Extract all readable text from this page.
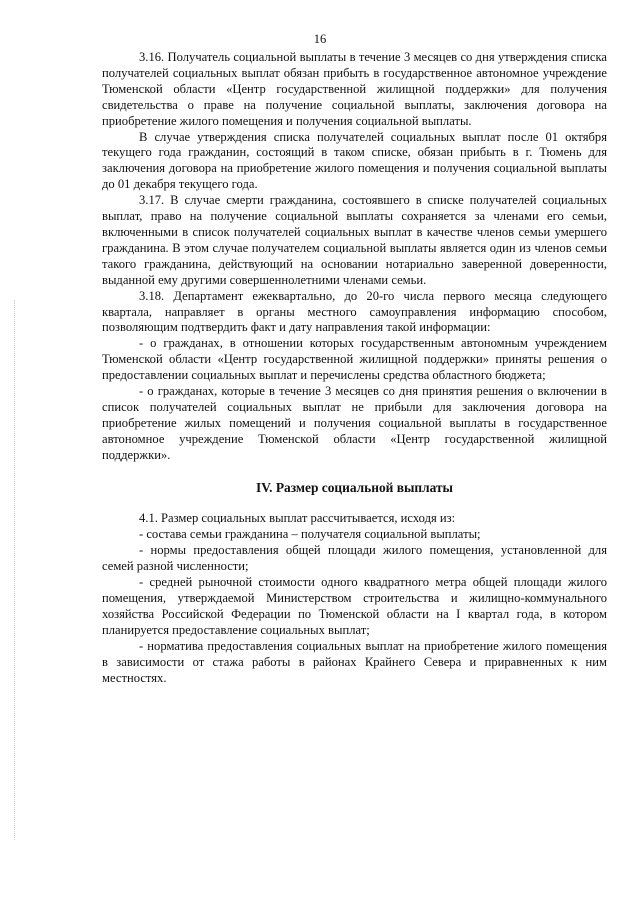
16

3.16. Получатель социальной выплаты в течение 3 месяцев со дня утверждения списка получателей социальных выплат обязан прибыть в государственное автономное учреждение Тюменской области «Центр государственной жилищной поддержки» для получения свидетельства о праве на получение социальной выплаты, заключения договора на приобретение жилого помещения и получения социальной выплаты.

В случае утверждения списка получателей социальных выплат после 01 октября текущего года гражданин, состоящий в таком списке, обязан прибыть в г. Тюмень для заключения договора на приобретение жилого помещения и получения социальной выплаты до 01 декабря текущего года.

3.17. В случае смерти гражданина, состоявшего в списке получателей социальных выплат, право на получение социальной выплаты сохраняется за членами его семьи, включенными в список получателей социальных выплат в качестве членов семьи умершего гражданина. В этом случае получателем социальной выплаты является один из членов семьи такого гражданина, действующий на основании нотариально заверенной доверенности, выданной ему другими совершеннолетними членами семьи.

3.18. Департамент ежеквартально, до 20-го числа первого месяца следующего квартала, направляет в органы местного самоуправления информацию способом, позволяющим подтвердить факт и дату направления такой информации:

- о гражданах, в отношении которых государственным автономным учреждением Тюменской области «Центр государственной жилищной поддержки» приняты решения о предоставлении социальных выплат и перечислены средства областного бюджета;

- о гражданах, которые в течение 3 месяцев со дня принятия решения о включении в список получателей социальных выплат не прибыли для заключения договора на приобретение жилых помещений и получения социальной выплаты в государственное автономное учреждение Тюменской области «Центр государственной жилищной поддержки».

IV. Размер социальной выплаты

4.1. Размер социальных выплат рассчитывается, исходя из:

- состава семьи гражданина – получателя социальной выплаты;

- нормы предоставления общей площади жилого помещения, установленной для семей разной численности;

- средней рыночной стоимости одного квадратного метра общей площади жилого помещения, утверждаемой Министерством строительства и жилищно-коммунального хозяйства Российской Федерации по Тюменской области на I квартал года, в котором планируется предоставление социальных выплат;

- норматива предоставления социальных выплат на приобретение жилого помещения в зависимости от стажа работы в районах Крайнего Севера и приравненных к ним местностях.
